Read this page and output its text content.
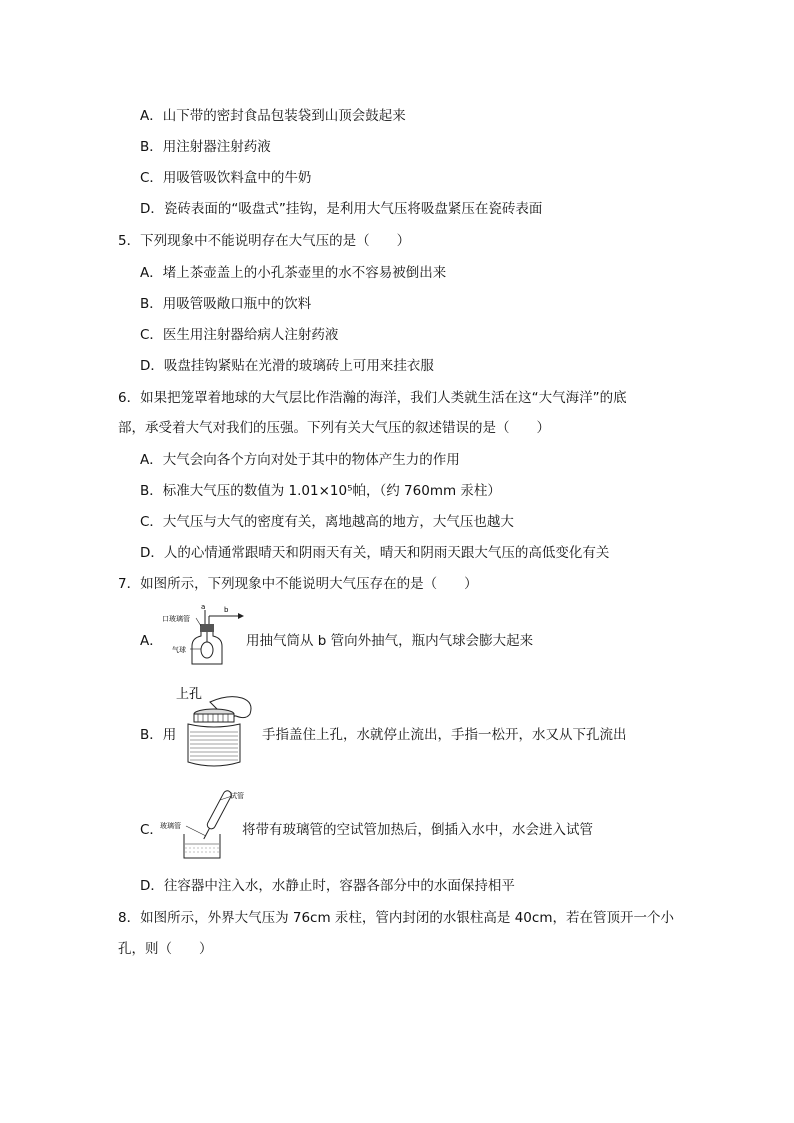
A．山下带的密封食品包装袋到山顶会鼓起来
B．用注射器注射药液
C．用吸管吸饮料盒中的牛奶
D．瓷砖表面的“吸盘式”挂钩，是利用大气压将吸盘紧压在瓷砖表面
5．下列现象中不能说明存在大气压的是（　　）
A．堵上茶壶盖上的小孔茶壶里的水不容易被倒出来
B．用吸管吸敞口瓶中的饮料
C．医生用注射器给病人注射药液
D．吸盘挂钩紧贴在光滑的玻璃砖上可用来挂衣服
6．如果把笼罩着地球的大气层比作浩瀚的海洋，我们人类就生活在这“大气海洋”的底
部，承受着大气对我们的压强。下列有关大气压的叙述错误的是（　　）
A．大气会向各个方向对处于其中的物体产生力的作用
B．标准大气压的数值为 1.01×10⁵帕，（约 760mm 汞柱）
C．大气压与大气的密度有关，离地越高的地方，大气压也越大
D．人的心情通常跟晴天和阴雨天有关，晴天和阴雨天跟大气压的高低变化有关
7．如图所示，下列现象中不能说明大气压存在的是（　　）
A．
a	b
口玻璃管
气球
用抽气筒从 b 管向外抽气，瓶内气球会膨大起来
B．用
上孔
手指盖住上孔，水就停止流出，手指一松开，水又从下孔流出
C．
试管
玻璃管	将带有玻璃管的空试管加热后，倒插入水中，水会进入试管
D．往容器中注入水，水静止时，容器各部分中的水面保持相平
8．如图所示，外界大气压为 76cm 汞柱，管内封闭的水银柱高是 40cm，若在管顶开一个小
孔，则（　　）
